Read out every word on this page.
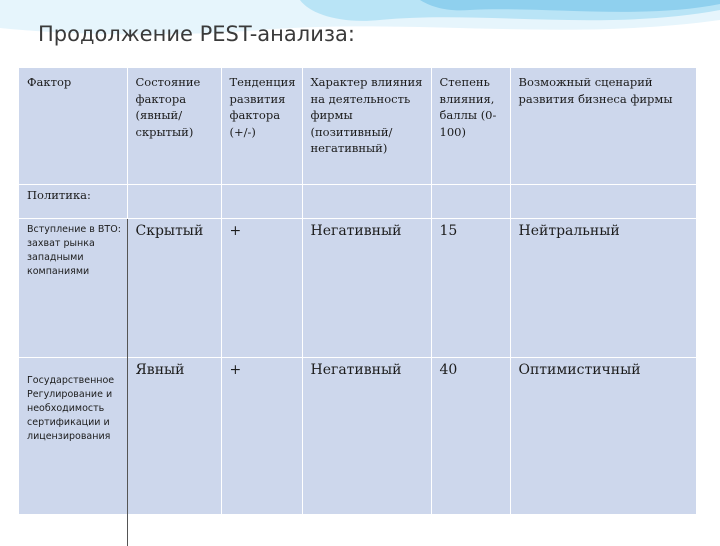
Продолжение PEST-анализа:
Фактор	Состояние фактора (явный/скрытый)	Тенденция развития фактора (+/-)	Характер влияния на деятельность фирмы (позитивный/негативный)	Степень влияния, баллы (0-100)	Возможный сценарий развития бизнеса фирмы
Политика:					
Вступление в ВТО: захват рынка западными компаниями	Скрытый	+	Негативный	15	Нейтральный
Государственное Регулирование и необходимость сертификации и лицензирования	Явный	+	Негативный	40	Оптимистичный
